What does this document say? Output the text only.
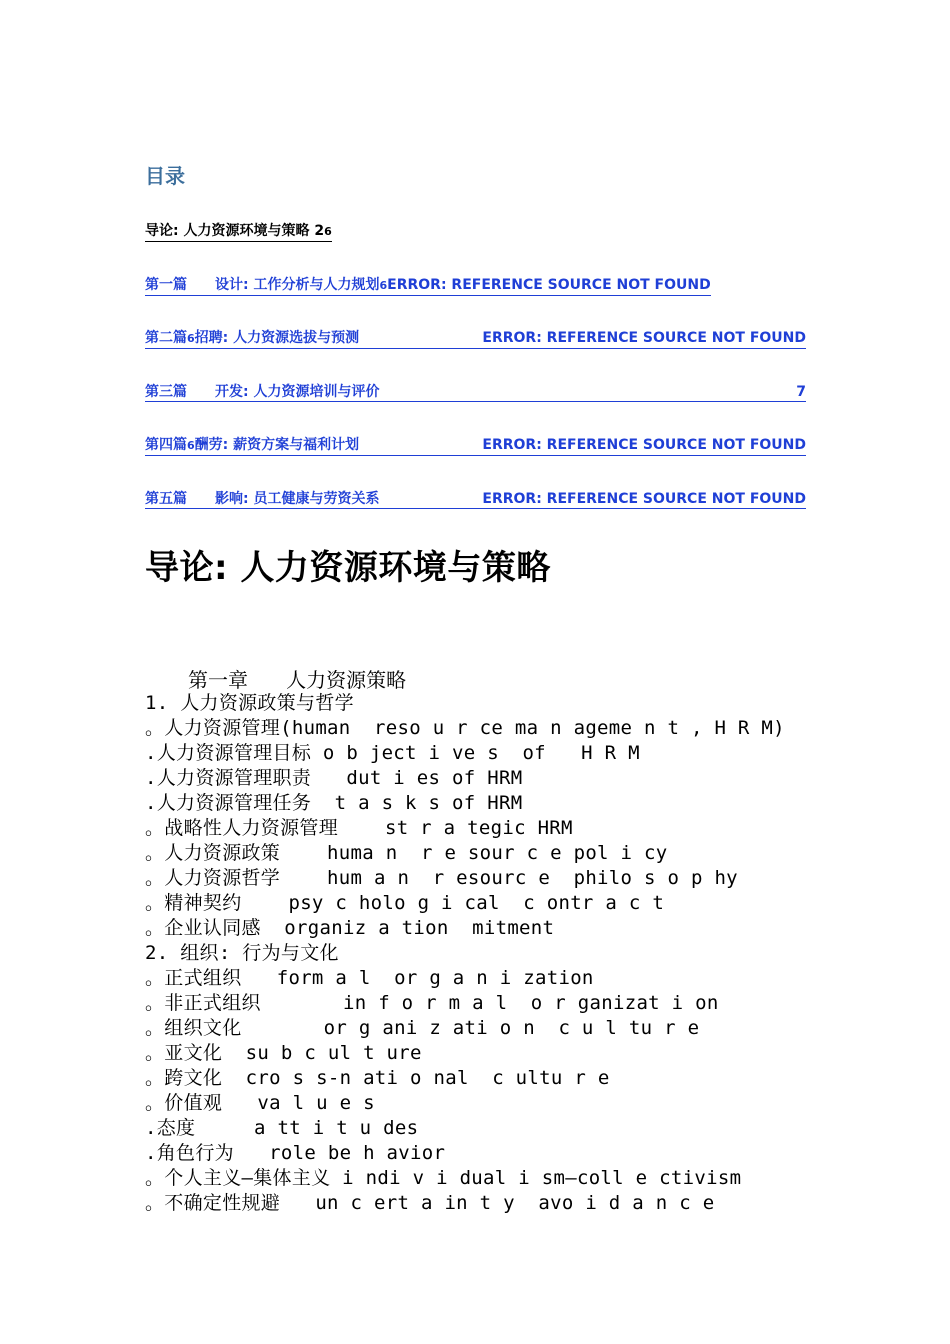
目录
导论: 人力资源环境与策略 2 6
第一篇	设计: 工作分析与人力规划 6 ERROR: REFERENCE SOURCE NOT FOUND
第二篇 6 招聘: 人力资源选拔与预测	ERROR: REFERENCE SOURCE NOT FOUND
第三篇	开发: 人力资源培训与评价	7
第四篇 6 酬劳: 薪资方案与福利计划	ERROR: REFERENCE SOURCE NOT FOUND
第五篇	影响: 员工健康与劳资关系	ERROR: REFERENCE SOURCE NOT FOUND
导论: 人力资源环境与策略
第一章 人力资源策略
1. 人力资源政策与哲学
。人力资源管理(human  reso u r ce ma n ageme n t , H R M)
.人力资源管理目标 o b ject i ve s  of   H R M
.人力资源管理职责   dut i es of HRM
.人力资源管理任务  t a s k s of HRM
。战略性人力资源管理    st r a tegic HRM
。人力资源政策    huma n  r e sour c e pol i cy
。人力资源哲学    hum a n  r esourc e  philo s o p hy
。精神契约    psy c holo g i cal  c ontr a c t
。企业认同感  organiz a tion  mitment
2. 组织: 行为与文化
。正式组织   form a l  or g a n i zation
。非正式组织       in f o r m a l  o r ganizat i on
。组织文化       or g ani z ati o n  c u l tu r e
。亚文化  su b c ul t ure
。跨文化  cro s s-n ati o nal  c ultu r e
。价值观   va l u e s
.态度     a tt i t u des
.角色行为   role be h avior
。个人主义—集体主义 i ndi v i dual i sm—coll e ctivism
。不确定性规避   un c ert a in t y  avo i d a n c e
